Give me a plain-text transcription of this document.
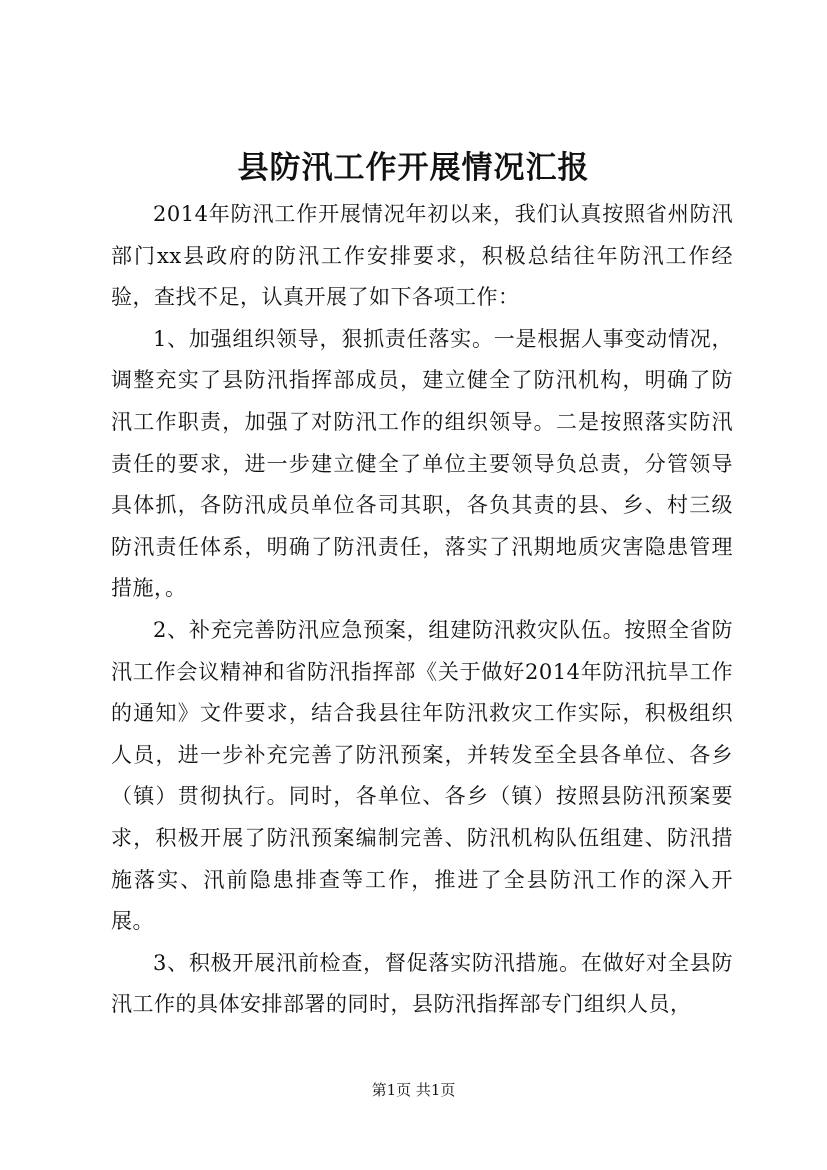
县防汛工作开展情况汇报

2014年防汛工作开展情况年初以来，我们认真按照省州防汛部门xx县政府的防汛工作安排要求，积极总结往年防汛工作经验，查找不足，认真开展了如下各项工作：

1、加强组织领导，狠抓责任落实。一是根据人事变动情况，调整充实了县防汛指挥部成员，建立健全了防汛机构，明确了防汛工作职责，加强了对防汛工作的组织领导。二是按照落实防汛责任的要求，进一步建立健全了单位主要领导负总责，分管领导具体抓，各防汛成员单位各司其职，各负其责的县、乡、村三级防汛责任体系，明确了防汛责任，落实了汛期地质灾害隐患管理措施，。

2、补充完善防汛应急预案，组建防汛救灾队伍。按照全省防汛工作会议精神和省防汛指挥部《关于做好2014年防汛抗旱工作的通知》文件要求，结合我县往年防汛救灾工作实际，积极组织人员，进一步补充完善了防汛预案，并转发至全县各单位、各乡（镇）贯彻执行。同时，各单位、各乡（镇）按照县防汛预案要求，积极开展了防汛预案编制完善、防汛机构队伍组建、防汛措施落实、汛前隐患排查等工作，推进了全县防汛工作的深入开展。

3、积极开展汛前检查，督促落实防汛措施。在做好对全县防汛工作的具体安排部署的同时，县防汛指挥部专门组织人员，

第1页 共1页
